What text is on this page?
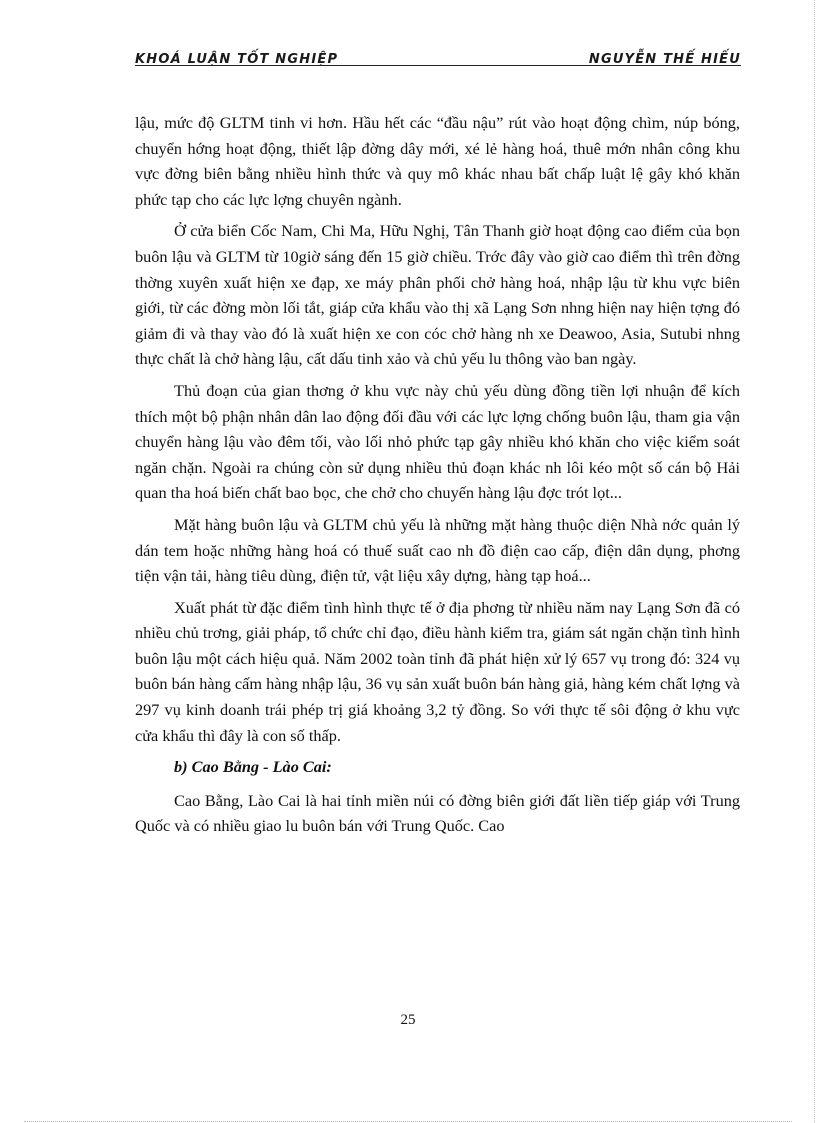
KHOÁ LUẬN TỐT NGHIỆP	NGUYỄN THẾ HIẾU

lậu, mức độ GLTM tinh vi hơn. Hầu hết các “đầu nậu” rút vào hoạt động chìm, núp bóng, chuyển hớng hoạt động, thiết lập đờng dây mới, xé lẻ hàng hoá, thuê mớn nhân công khu vực đờng biên bằng nhiều hình thức và quy mô khác nhau bất chấp luật lệ gây khó khăn phức tạp cho các lực lợng chuyên ngành.

Ở cửa biển Cốc Nam, Chi Ma, Hữu Nghị, Tân Thanh giờ hoạt động cao điểm của bọn buôn lậu và GLTM từ 10giờ sáng đến 15 giờ chiều. Trớc đây vào giờ cao điểm thì trên đờng thờng xuyên xuất hiện xe đạp, xe máy phân phối chở hàng hoá, nhập lậu từ khu vực biên giới, từ các đờng mòn lối tắt, giáp cửa khẩu vào thị xã Lạng Sơn nhng hiện nay hiện tợng đó giảm đi và thay vào đó là xuất hiện xe con cóc chở hàng nh xe Deawoo, Asia, Sutubi nhng thực chất là chở hàng lậu, cất dấu tinh xảo và chủ yếu lu thông vào ban ngày.

Thủ đoạn của gian thơng ở khu vực này chủ yếu dùng đồng tiền lợi nhuận để kích thích một bộ phận nhân dân lao động đối đầu với các lực lợng chống buôn lậu, tham gia vận chuyển hàng lậu vào đêm tối, vào lối nhỏ phức tạp gây nhiều khó khăn cho việc kiểm soát ngăn chặn. Ngoài ra chúng còn sử dụng nhiều thủ đoạn khác nh lôi kéo một số cán bộ Hải quan tha hoá biến chất bao bọc, che chở cho chuyến hàng lậu đợc trót lọt...

Mặt hàng buôn lậu và GLTM chủ yếu là những mặt hàng thuộc diện Nhà nớc quản lý dán tem hoặc những hàng hoá có thuế suất cao nh đồ điện cao cấp, điện dân dụng, phơng tiện vận tải, hàng tiêu dùng, điện tử, vật liệu xây dựng, hàng tạp hoá...

Xuất phát từ đặc điểm tình hình thực tế ở địa phơng từ nhiều năm nay Lạng Sơn đã có nhiều chủ trơng, giải pháp, tổ chức chỉ đạo, điều hành kiểm tra, giám sát ngăn chặn tình hình buôn lậu một cách hiệu quả. Năm 2002 toàn tỉnh đã phát hiện xử lý 657 vụ trong đó: 324 vụ buôn bán hàng cấm hàng nhập lậu, 36 vụ sản xuất buôn bán hàng giả, hàng kém chất lợng và 297 vụ kinh doanh trái phép trị giá khoảng 3,2 tỷ đồng. So với thực tế sôi động ở khu vực cửa khẩu thì đây là con số thấp.

b) Cao Bằng - Lào Cai:

Cao Bằng, Lào Cai là hai tỉnh miền núi có đờng biên giới đất liền tiếp giáp với Trung Quốc và có nhiều giao lu buôn bán với Trung Quốc. Cao

25
